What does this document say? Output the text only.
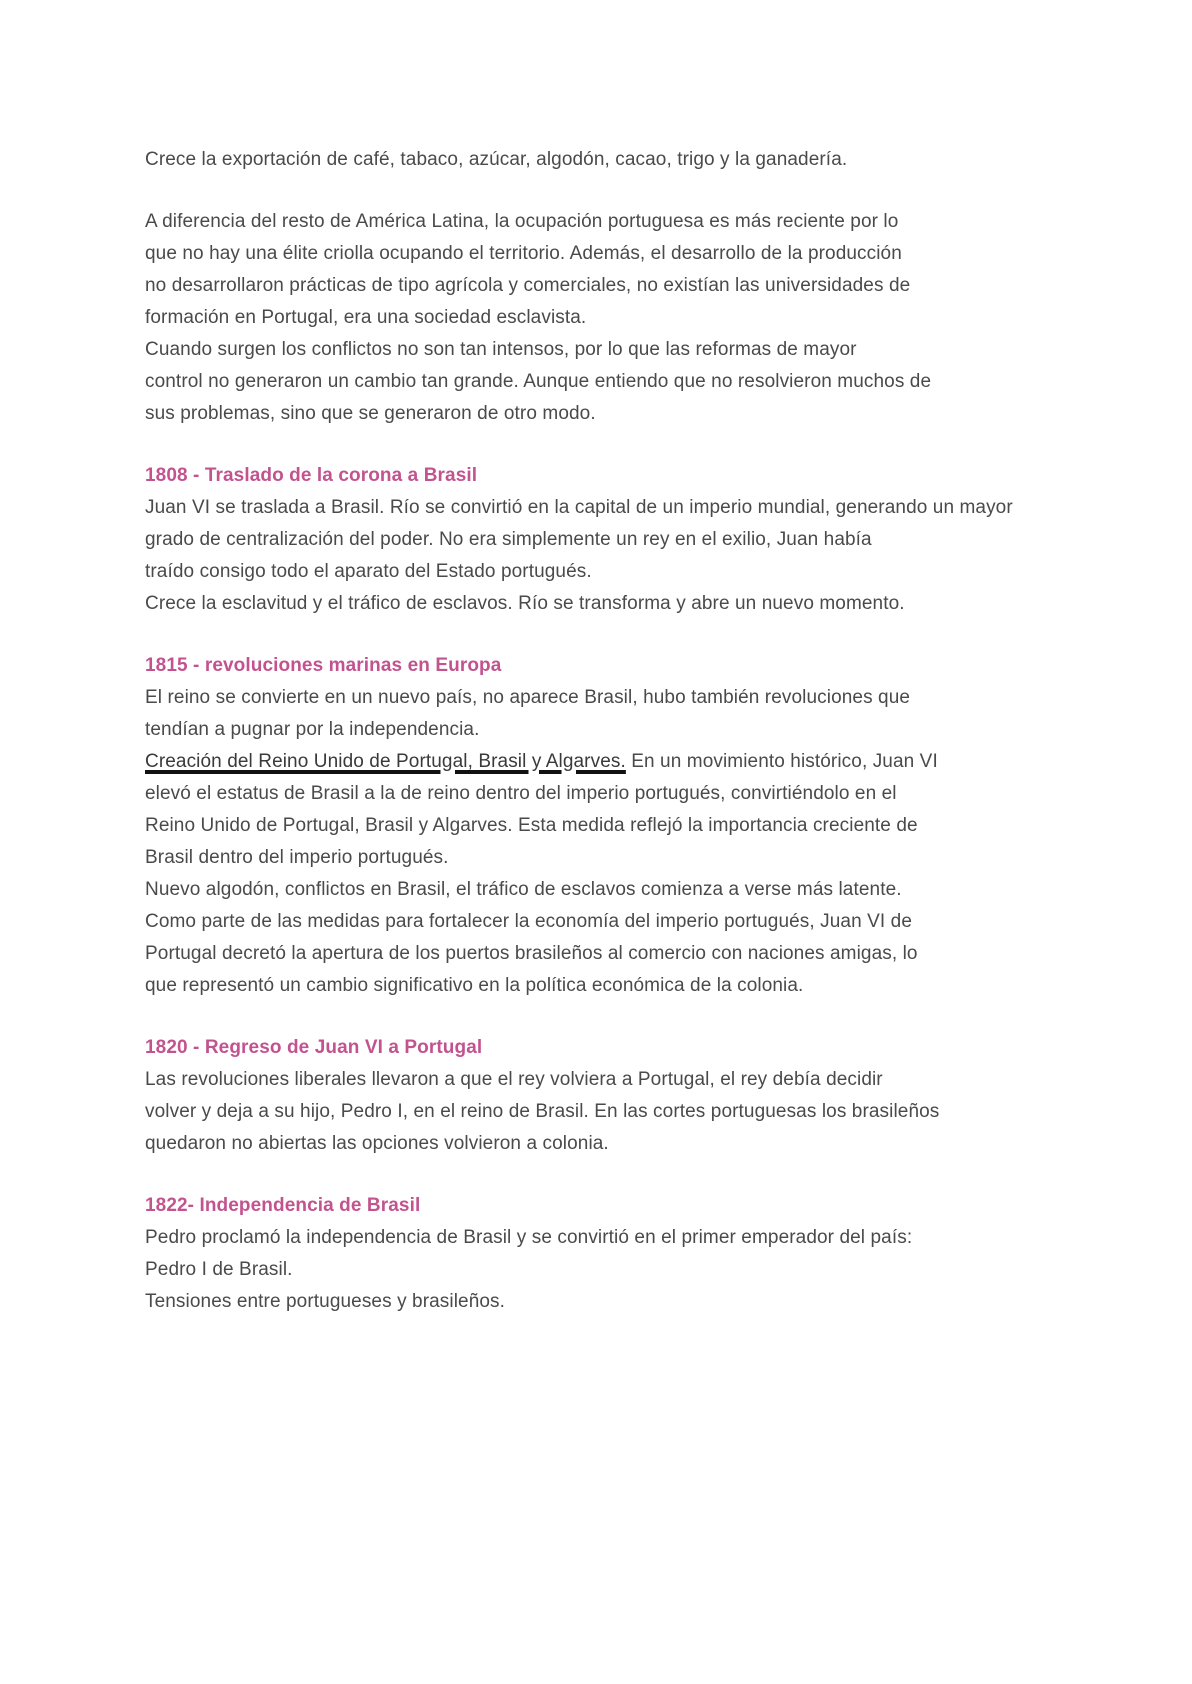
Crece la exportación de café, tabaco, azúcar, algodón, cacao, trigo y la ganadería.

A diferencia del resto de América Latina, la ocupación portuguesa es más reciente por lo
que no hay una élite criolla ocupando el territorio. Además, el desarrollo de la producción
no desarrollaron prácticas de tipo agrícola y comerciales, no existían las universidades de
formación en Portugal, era una sociedad esclavista.
Cuando surgen los conflictos no son tan intensos, por lo que las reformas de mayor
control no generaron un cambio tan grande. Aunque entiendo que no resolvieron muchos de
sus problemas, sino que se generaron de otro modo.

1808 - Traslado de la corona a Brasil
Juan VI se traslada a Brasil. Río se convirtió en la capital de un imperio mundial, generando un mayor
grado de centralización del poder. No era simplemente un rey en el exilio, Juan había
traído consigo todo el aparato del Estado portugués.
Crece la esclavitud y el tráfico de esclavos. Río se transforma y abre un nuevo momento.
1815 - revoluciones marinas en Europa
El reino se convierte en un nuevo país, no aparece Brasil, hubo también revoluciones que
tendían a pugnar por la independencia.
Creación del Reino Unido de Portugal, Brasil y Algarves. En un movimiento histórico, Juan VI
elevó el estatus de Brasil a la de reino dentro del imperio portugués, convirtiéndolo en el
Reino Unido de Portugal, Brasil y Algarves. Esta medida reflejó la importancia creciente de
Brasil dentro del imperio portugués.
Nuevo algodón, conflictos en Brasil, el tráfico de esclavos comienza a verse más latente.
Como parte de las medidas para fortalecer la economía del imperio portugués, Juan VI de
Portugal decretó la apertura de los puertos brasileños al comercio con naciones amigas, lo
que representó un cambio significativo en la política económica de la colonia.
1820 - Regreso de Juan VI a Portugal
Las revoluciones liberales llevaron a que el rey volviera a Portugal, el rey debía decidir
volver y deja a su hijo, Pedro I, en el reino de Brasil. En las cortes portuguesas los brasileños
quedaron no abiertas las opciones volvieron a colonia.
1822- Independencia de Brasil
Pedro proclamó la independencia de Brasil y se convirtió en el primer emperador del país:
Pedro I de Brasil.
Tensiones entre portugueses y brasileños.
